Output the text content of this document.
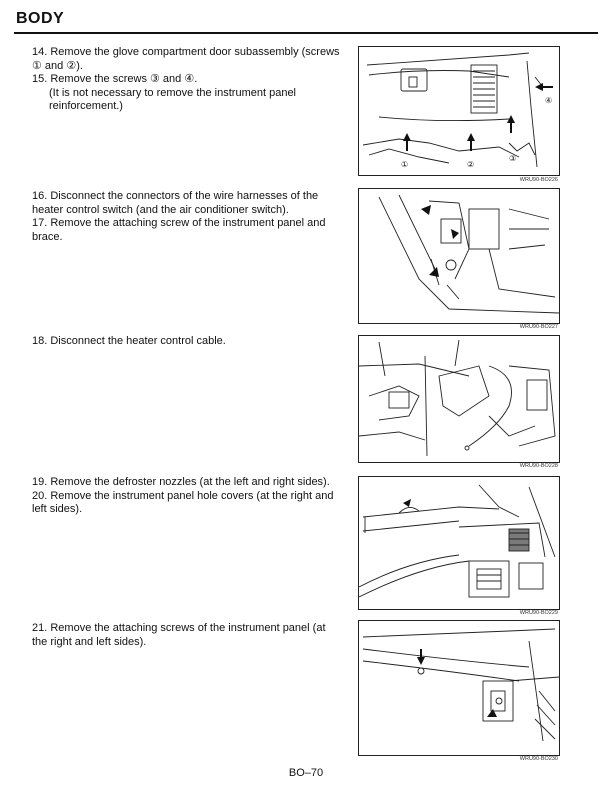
BODY
14. Remove the glove compartment door subassembly (screws ① and ②).
15. Remove the screws ③ and ④.
(It is not necessary to remove the instrument panel reinforcement.)
①	②
③
④
WRU90-BO226
16. Disconnect the connectors of the wire harnesses of the heater control switch (and the air conditioner switch).
17. Remove the attaching screw of the instrument panel and brace.
WRU90-BO227
18. Disconnect the heater control cable.
WRU90-BO228
19. Remove the defroster nozzles (at the left and right sides).
20. Remove the instrument panel hole covers (at the right and left sides).
WRU90-BO229
21. Remove the attaching screws of the instrument panel (at the right and left sides).
WRU90-BO230
BO–70
